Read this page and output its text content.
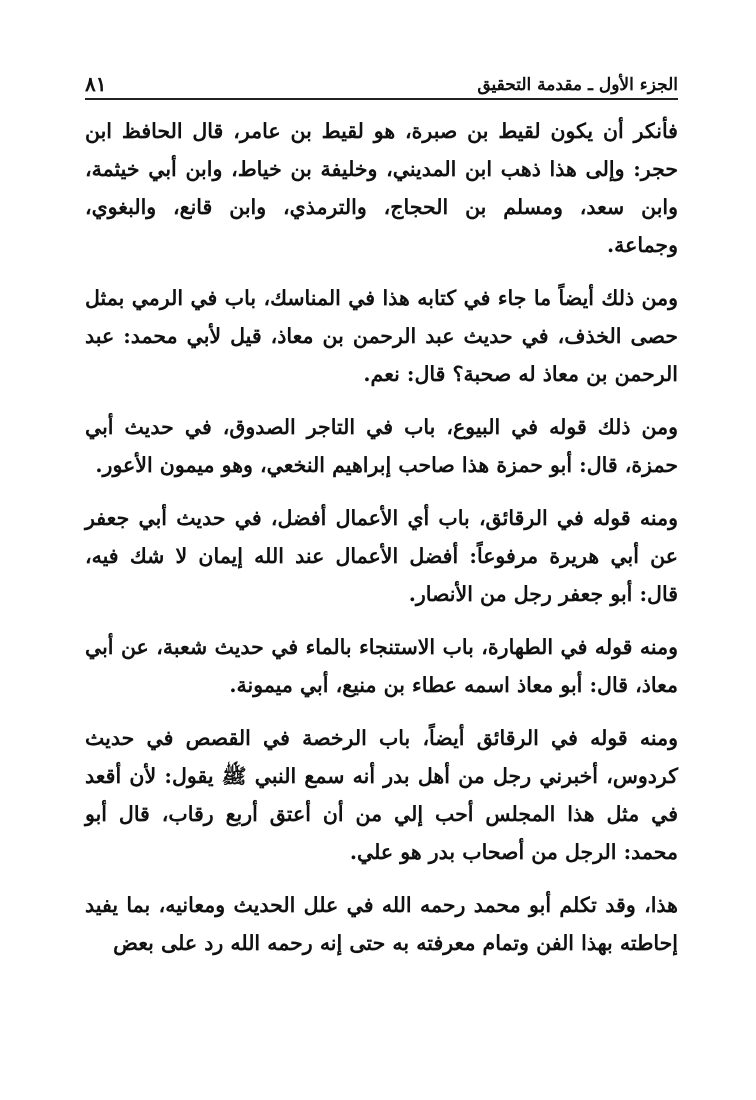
الجزء الأول ـ مقدمة التحقيق
٨١

فأنكر أن يكون لقيط بن صبرة، هو لقيط بن عامر، قال الحافظ ابن حجر: وإلى هذا ذهب ابن المديني، وخليفة بن خياط، وابن أبي خيثمة، وابن سعد، ومسلم بن الحجاج، والترمذي، وابن قانع، والبغوي، وجماعة.

ومن ذلك أيضاً ما جاء في كتابه هذا في المناسك، باب في الرمي بمثل حصى الخذف، في حديث عبد الرحمن بن معاذ، قيل لأبي محمد: عبد الرحمن بن معاذ له صحبة؟ قال: نعم.

ومن ذلك قوله في البيوع، باب في التاجر الصدوق، في حديث أبي حمزة، قال: أبو حمزة هذا صاحب إبراهيم النخعي، وهو ميمون الأعور.

ومنه قوله في الرقائق، باب أي الأعمال أفضل، في حديث أبي جعفر عن أبي هريرة مرفوعاً: أفضل الأعمال عند الله إيمان لا شك فيه، قال: أبو جعفر رجل من الأنصار.

ومنه قوله في الطهارة، باب الاستنجاء بالماء في حديث شعبة، عن أبي معاذ، قال: أبو معاذ اسمه عطاء بن منيع، أبي ميمونة.

ومنه قوله في الرقائق أيضاً، باب الرخصة في القصص في حديث كردوس، أخبرني رجل من أهل بدر أنه سمع النبي ﷺ يقول: لأن أقعد في مثل هذا المجلس أحب إلي من أن أعتق أربع رقاب، قال أبو محمد: الرجل من أصحاب بدر هو علي.

هذا، وقد تكلم أبو محمد رحمه الله في علل الحديث ومعانيه، بما يفيد إحاطته بهذا الفن وتمام معرفته به حتى إنه رحمه الله رد على بعض
